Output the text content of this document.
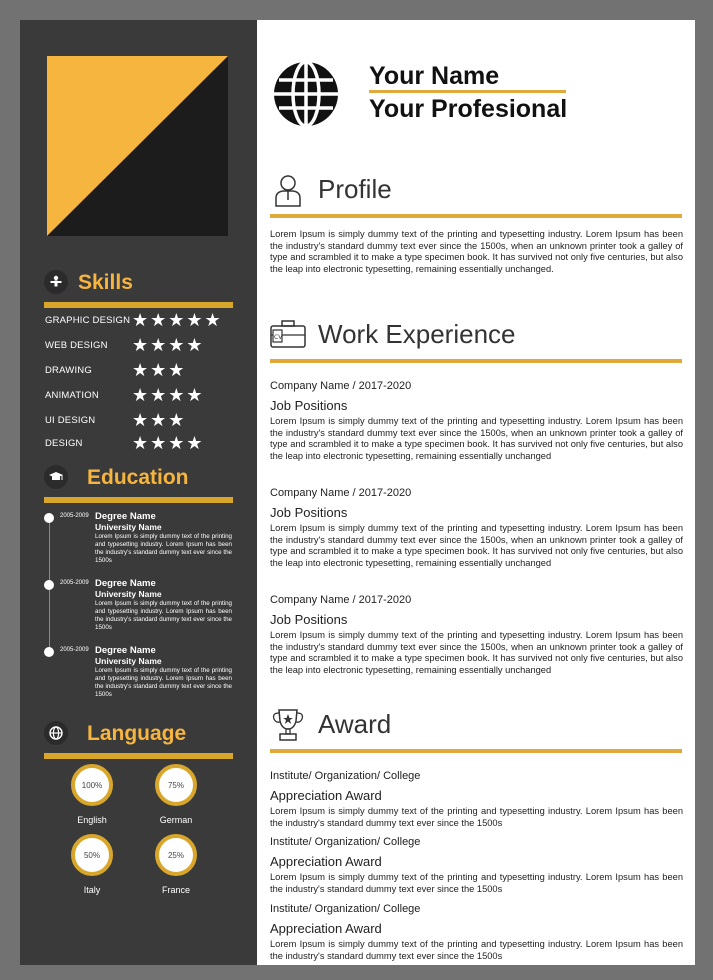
Skills
GRAPHIC DESIGN ★★★★★
WEB DESIGN ★★★★
DRAWING ★★★
ANIMATION ★★★★
UI DESIGN ★★★
DESIGN	★★★★
Education
2005-2009 Degree Name
University Name
Lorem Ipsum is simply dummy text of the printing and typesetting industry. Lorem Ipsum has been the industry's standard dummy text ever since the 1500s
2005-2009 Degree Name
University Name
Lorem Ipsum is simply dummy text of the printing and typesetting industry. Lorem Ipsum has been the industry's standard dummy text ever since the 1500s
2005-2009 Degree Name
University Name
Lorem Ipsum is simply dummy text of the printing and typesetting industry. Lorem Ipsum has been the industry's standard dummy text ever since the 1500s
Language
100%
English
75%
German
50%
Italy
25%
France
Your Name
Your Profesional
Profile
Lorem Ipsum is simply dummy text of the printing and typesetting industry. Lorem Ipsum has been the industry's standard dummy text ever since the 1500s, when an unknown printer took a galley of type and scrambled it to make a type specimen book. It has survived not only five centuries, but also the leap into electronic typesetting, remaining essentially unchanged.
CV Work Experience
Company Name / 2017-2020
Job Positions
Lorem Ipsum is simply dummy text of the printing and typesetting industry. Lorem Ipsum has been the industry's standard dummy text ever since the 1500s, when an unknown printer took a galley of type and scrambled it to make a type specimen book. It has survived not only five centuries, but also the leap into electronic typesetting, remaining essentially unchanged
Company Name / 2017-2020
Job Positions
Lorem Ipsum is simply dummy text of the printing and typesetting industry. Lorem Ipsum has been the industry's standard dummy text ever since the 1500s, when an unknown printer took a galley of type and scrambled it to make a type specimen book. It has survived not only five centuries, but also the leap into electronic typesetting, remaining essentially unchanged
Company Name / 2017-2020
Job Positions
Lorem Ipsum is simply dummy text of the printing and typesetting industry. Lorem Ipsum has been the industry's standard dummy text ever since the 1500s, when an unknown printer took a galley of type and scrambled it to make a type specimen book. It has survived not only five centuries, but also the leap into electronic typesetting, remaining essentially unchanged
Award
Institute/ Organization/ College
Appreciation Award
Lorem Ipsum is simply dummy text of the printing and typesetting industry. Lorem Ipsum has been the industry's standard dummy text ever since the 1500s
Institute/ Organization/ College
Appreciation Award
Lorem Ipsum is simply dummy text of the printing and typesetting industry. Lorem Ipsum has been the industry's standard dummy text ever since the 1500s
Institute/ Organization/ College
Appreciation Award
Lorem Ipsum is simply dummy text of the printing and typesetting industry. Lorem Ipsum has been the industry's standard dummy text ever since the 1500s
